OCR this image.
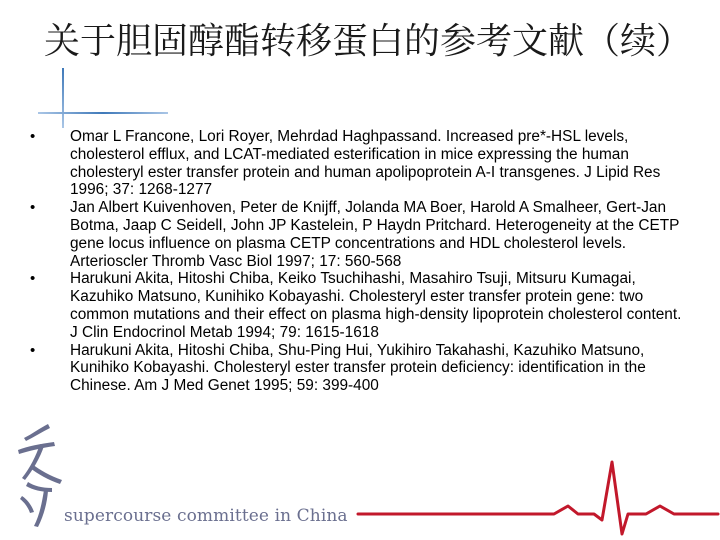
关于胆固醇酯转移蛋白的参考文献（续）
• Omar L Francone, Lori Royer, Mehrdad Haghpassand. Increased pre*-HSL levels, cholesterol efflux, and LCAT-mediated esterification in mice expressing the human cholesteryl ester transfer protein and human apolipoprotein A-I transgenes. J Lipid Res 1996; 37: 1268-1277
• Jan Albert Kuivenhoven, Peter de Knijff, Jolanda MA Boer, Harold A Smalheer, Gert-Jan Botma, Jaap C Seidell, John JP Kastelein, P Haydn Pritchard. Heterogeneity at the CETP gene locus influence on plasma CETP concentrations and HDL cholesterol levels. Arterioscler Thromb Vasc Biol 1997; 17: 560-568
• Harukuni Akita, Hitoshi Chiba, Keiko Tsuchihashi, Masahiro Tsuji, Mitsuru Kumagai, Kazuhiko Matsuno, Kunihiko Kobayashi. Cholesteryl ester transfer protein gene: two common mutations and their effect on plasma high-density lipoprotein cholesterol content. J Clin Endocrinol Metab 1994; 79: 1615-1618
• Harukuni Akita, Hitoshi Chiba, Shu-Ping Hui, Yukihiro Takahashi, Kazuhiko Matsuno, Kunihiko Kobayashi. Cholesteryl ester transfer protein deficiency: identification in the Chinese. Am J Med Genet 1995; 59: 399-400
supercourse committee in China
